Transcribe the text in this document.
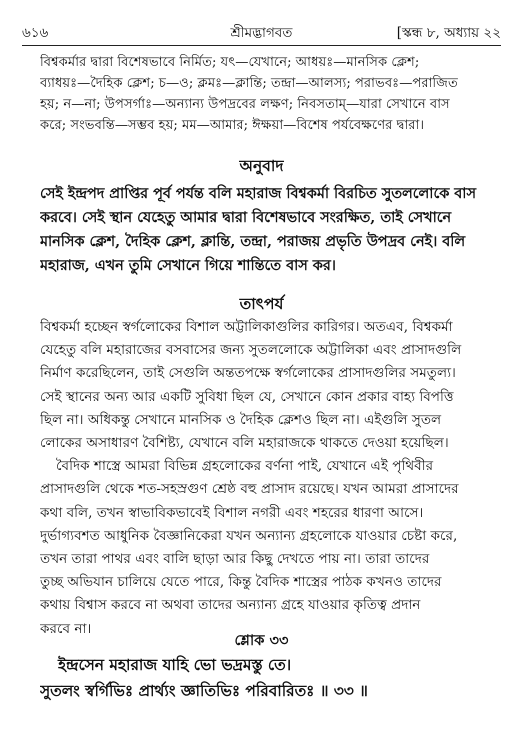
৬১৬	শ্রীমদ্ভাগবত	[স্কন্ধ ৮, অধ্যায় ২২
বিশ্বকর্মার দ্বারা বিশেষভাবে নির্মিত; যৎ—যেখানে; আধয়ঃ—মানসিক ক্লেশ;
ব্যাধয়ঃ—দৈহিক ক্লেশ; চ—ও; ক্লমঃ—ক্লান্তি; তন্দ্রা—আলস্য; পরাভবঃ—পরাজিত
হয়; ন—না; উপসর্গাঃ—অন্যান্য উপদ্রবের লক্ষণ; নিবসতাম্—যারা সেখানে বাস
করে; সংভবন্তি—সম্ভব হয়; মম—আমার; ঈক্ষয়া—বিশেষ পর্যবেক্ষণের দ্বারা।
অনুবাদ
সেই ইন্দ্রপদ প্রাপ্তির পূর্ব পর্যন্ত বলি মহারাজ বিশ্বকর্মা বিরচিত সুতললোকে বাস
করবে। সেই স্থান যেহেতু আমার দ্বারা বিশেষভাবে সংরক্ষিত, তাই সেখানে
মানসিক ক্লেশ, দৈহিক ক্লেশ, ক্লান্তি, তন্দ্রা, পরাজয় প্রভৃতি উপদ্রব নেই। বলি
মহারাজ, এখন তুমি সেখানে গিয়ে শান্তিতে বাস কর।
তাৎপর্য
বিশ্বকর্মা হচ্ছেন স্বর্গলোকের বিশাল অট্টালিকাগুলির কারিগর। অতএব, বিশ্বকর্মা
যেহেতু বলি মহারাজের বসবাসের জন্য সুতললোকে অট্টালিকা এবং প্রাসাদগুলি
নির্মাণ করেছিলেন, তাই সেগুলি অন্ততপক্ষে স্বর্গলোকের প্রাসাদগুলির সমতুল্য।
সেই স্থানের অন্য আর একটি সুবিধা ছিল যে, সেখানে কোন প্রকার বাহ্য বিপত্তি
ছিল না। অধিকন্তু সেখানে মানসিক ও দৈহিক ক্লেশও ছিল না। এইগুলি সুতল
লোকের অসাধারণ বৈশিষ্ট্য, যেখানে বলি মহারাজকে থাকতে দেওয়া হয়েছিল।
বৈদিক শাস্ত্রে আমরা বিভিন্ন গ্রহলোকের বর্ণনা পাই, যেখানে এই পৃথিবীর
প্রাসাদগুলি থেকে শত-সহস্রগুণ শ্রেষ্ঠ বহু প্রাসাদ রয়েছে। যখন আমরা প্রাসাদের
কথা বলি, তখন স্বাভাবিকভাবেই বিশাল নগরী এবং শহরের ধারণা আসে।
দুর্ভাগ্যবশত আধুনিক বৈজ্ঞানিকেরা যখন অন্যান্য গ্রহলোকে যাওয়ার চেষ্টা করে,
তখন তারা পাথর এবং বালি ছাড়া আর কিছু দেখতে পায় না। তারা তাদের
তুচ্ছ অভিযান চালিয়ে যেতে পারে, কিন্তু বৈদিক শাস্ত্রের পাঠক কখনও তাদের
কথায় বিশ্বাস করবে না অথবা তাদের অন্যান্য গ্রহে যাওয়ার কৃতিত্ব প্রদান
করবে না।
শ্লোক ৩৩
ইন্দ্রসেন মহারাজ যাহি ভো ভদ্রমস্তু তে।
সুতলং স্বর্গিভিঃ প্রার্থ্যং জ্ঞাতিভিঃ পরিবারিতঃ ॥ ৩৩ ॥
